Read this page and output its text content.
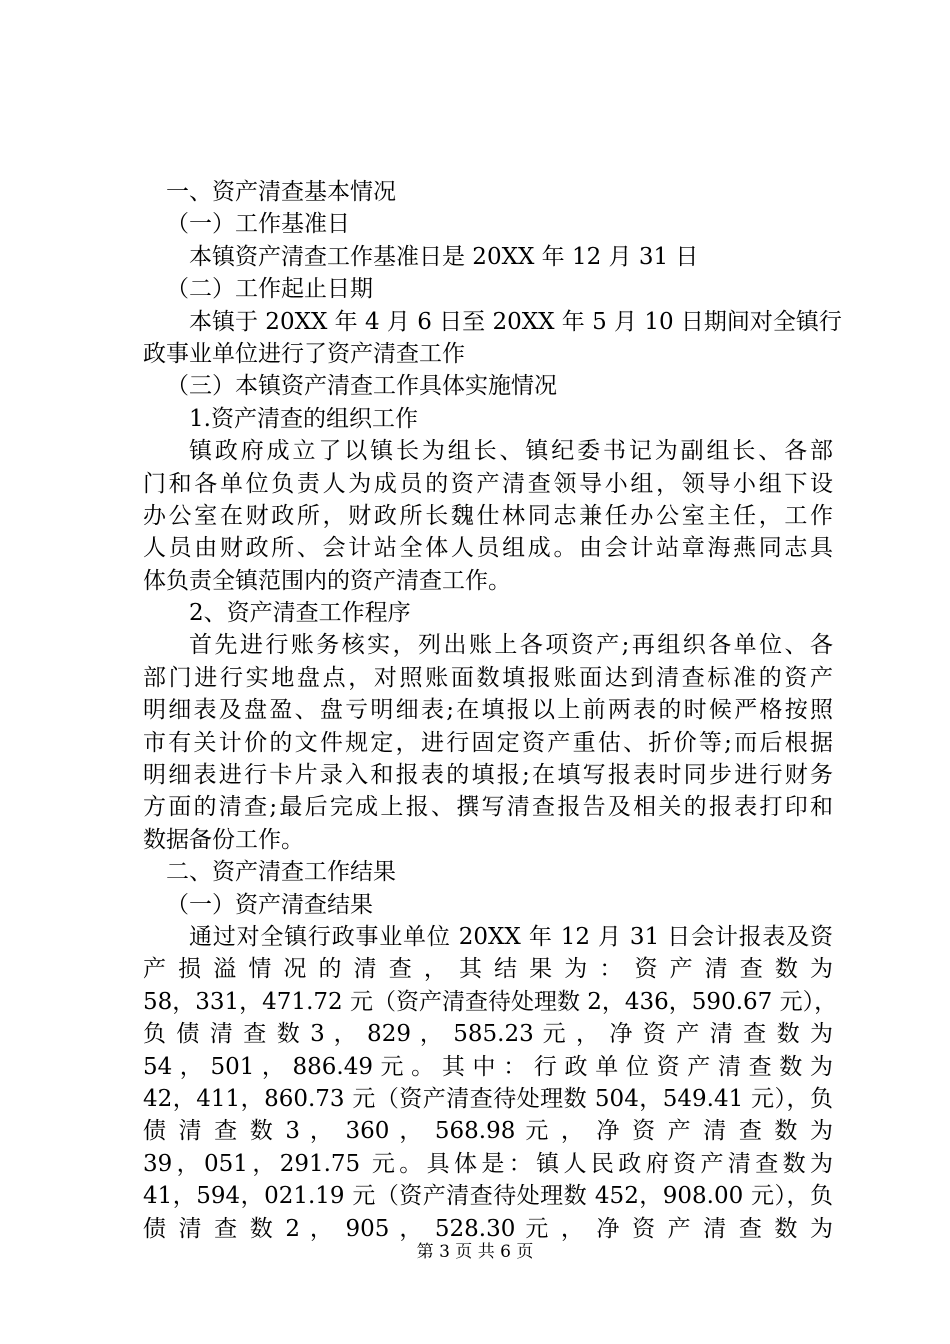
一、资产清查基本情况
（一）工作基准日
本镇资产清查工作基准日是 20XX 年 12 月 31 日
（二）工作起止日期
本镇于 20XX 年 4 月 6 日至 20XX 年 5 月 10 日期间对全镇行
政事业单位进行了资产清查工作
（三）本镇资产清查工作具体实施情况
1.资产清查的组织工作
镇政府成立了以镇长为组长、镇纪委书记为副组长、各部
门和各单位负责人为成员的资产清查领导小组，领导小组下设
办公室在财政所，财政所长魏仕林同志兼任办公室主任，工作
人员由财政所、会计站全体人员组成。由会计站章海燕同志具
体负责全镇范围内的资产清查工作。
2、资产清查工作程序
首先进行账务核实，列出账上各项资产;再组织各单位、各
部门进行实地盘点，对照账面数填报账面达到清查标准的资产
明细表及盘盈、盘亏明细表;在填报以上前两表的时候严格按照
市有关计价的文件规定，进行固定资产重估、折价等;而后根据
明细表进行卡片录入和报表的填报;在填写报表时同步进行财务
方面的清查;最后完成上报、撰写清查报告及相关的报表打印和
数据备份工作。
二、资产清查工作结果
（一）资产清查结果
通过对全镇行政事业单位 20XX 年 12 月 31 日会计报表及资
产 损 溢 情 况 的 清 查 ， 其 结 果 为 ： 资 产 清 查 数 为
58，331，471.72 元（资产清查待处理数 2，436，590.67 元），
负 债 清 查 数 3 ， 829 ， 585.23 元 ， 净 资 产 清 查 数 为
54 ， 501 ， 886.49 元 。 其 中 ： 行 政 单 位 资 产 清 查 数 为
42，411，860.73 元（资产清查待处理数 504，549.41 元），负
债 清 查 数 3 ， 360 ， 568.98 元 ， 净 资 产 清 查 数 为
39，051，291.75 元。具体是：镇人民政府资产清查数为
41，594，021.19 元（资产清查待处理数 452，908.00 元），负
债 清 查 数 2 ， 905 ， 528.30 元 ， 净 资 产 清 查 数 为
第 3 页 共 6 页
